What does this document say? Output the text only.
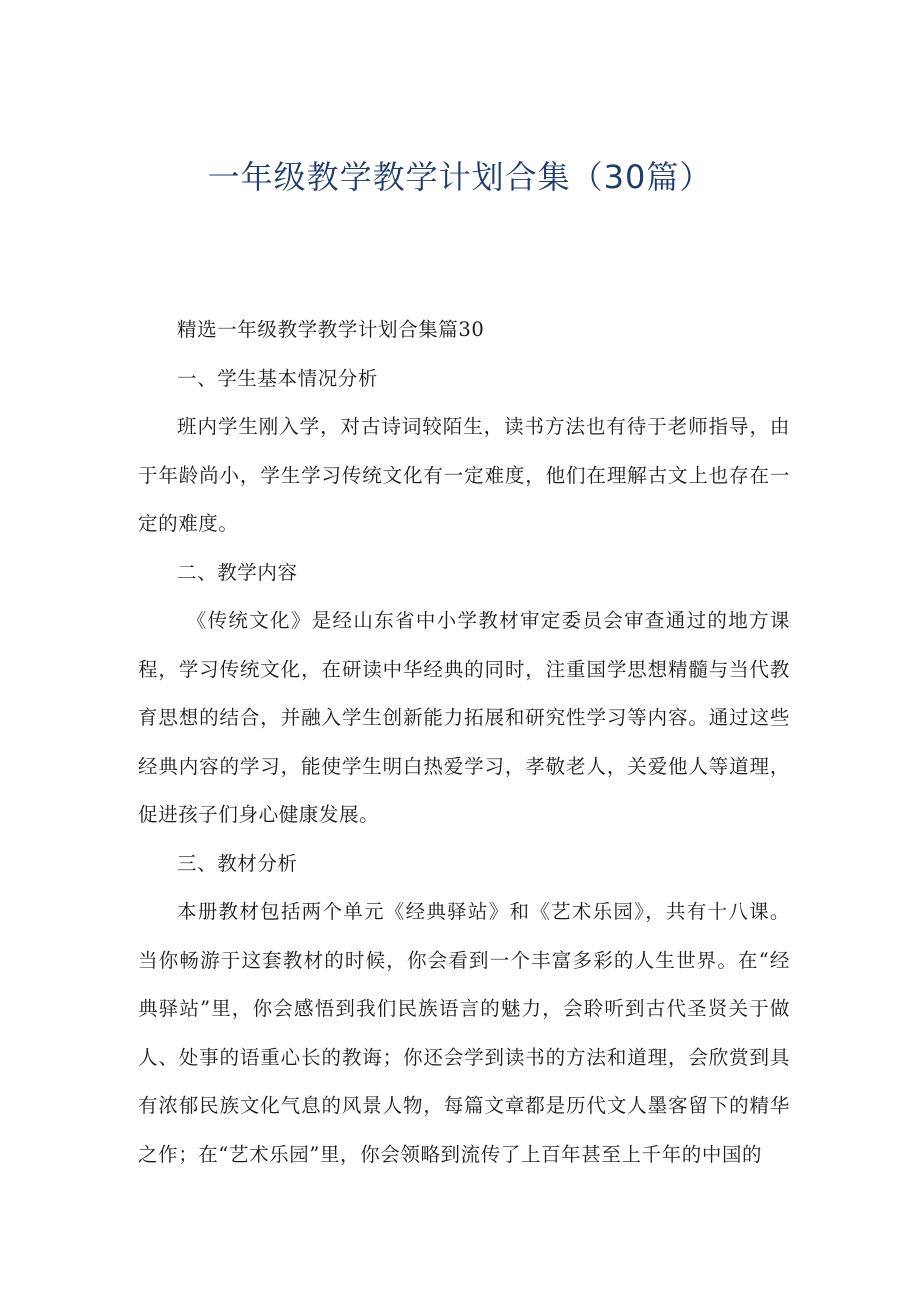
一年级教学教学计划合集（30篇）

精选一年级教学教学计划合集篇30

一、学生基本情况分析

班内学生刚入学，对古诗词较陌生，读书方法也有待于老师指导，由于年龄尚小，学生学习传统文化有一定难度，他们在理解古文上也存在一定的难度。

二、教学内容

《传统文化》是经山东省中小学教材审定委员会审查通过的地方课程，学习传统文化，在研读中华经典的同时，注重国学思想精髓与当代教育思想的结合，并融入学生创新能力拓展和研究性学习等内容。通过这些经典内容的学习，能使学生明白热爱学习，孝敬老人，关爱他人等道理，促进孩子们身心健康发展。

三、教材分析

本册教材包括两个单元《经典驿站》和《艺术乐园》，共有十八课。当你畅游于这套教材的时候，你会看到一个丰富多彩的人生世界。在“经典驿站”里，你会感悟到我们民族语言的魅力，会聆听到古代圣贤关于做人、处事的语重心长的教诲；你还会学到读书的方法和道理，会欣赏到具有浓郁民族文化气息的风景人物，每篇文章都是历代文人墨客留下的精华之作；在“艺术乐园”里，你会领略到流传了上百年甚至上千年的中国的
